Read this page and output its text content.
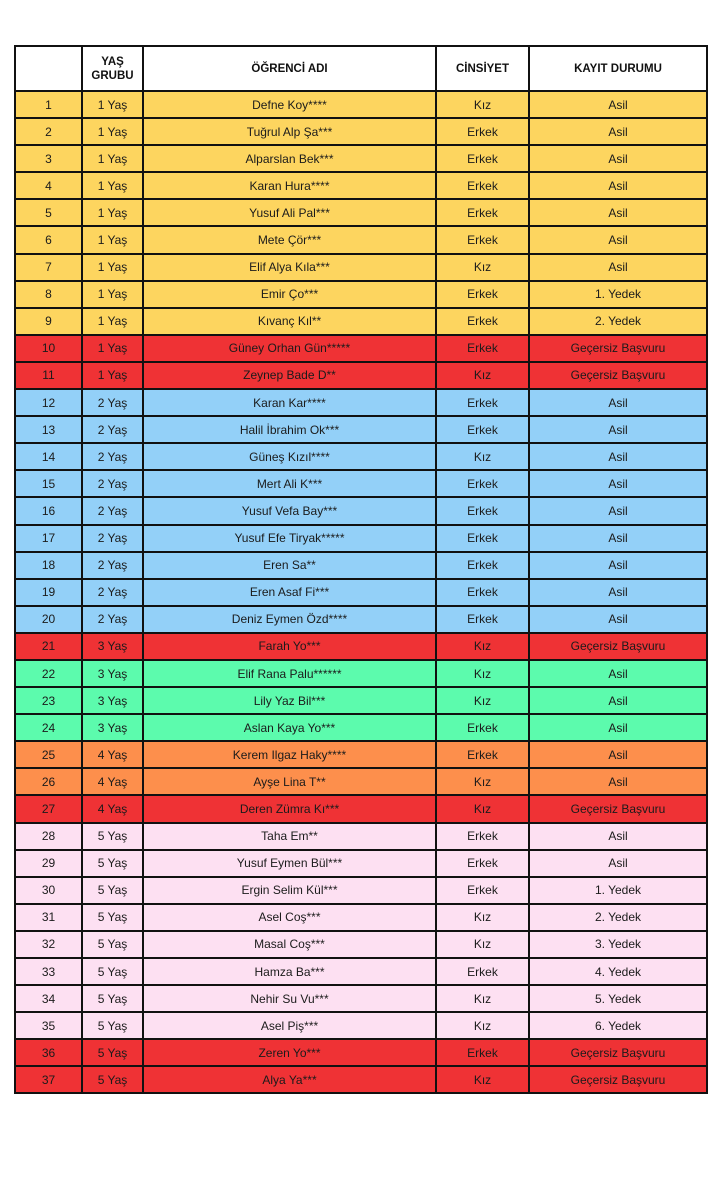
	YAŞ GRUBU	ÖĞRENCİ ADI	CİNSİYET	KAYIT DURUMU
1	1 Yaş	Defne Koy****	Kız	Asil
2	1 Yaş	Tuğrul Alp Şa***	Erkek	Asil
3	1 Yaş	Alparslan Bek***	Erkek	Asil
4	1 Yaş	Karan Hura****	Erkek	Asil
5	1 Yaş	Yusuf Ali Pal***	Erkek	Asil
6	1 Yaş	Mete Çör***	Erkek	Asil
7	1 Yaş	Elif Alya Kıla***	Kız	Asil
8	1 Yaş	Emir Ço***	Erkek	1. Yedek
9	1 Yaş	Kıvanç Kıl**	Erkek	2. Yedek
10	1 Yaş	Güney Orhan Gün*****	Erkek	Geçersiz Başvuru
11	1 Yaş	Zeynep Bade D**	Kız	Geçersiz Başvuru
12	2 Yaş	Karan Kar****	Erkek	Asil
13	2 Yaş	Halil İbrahim Ok***	Erkek	Asil
14	2 Yaş	Güneş Kızıl****	Kız	Asil
15	2 Yaş	Mert Ali K***	Erkek	Asil
16	2 Yaş	Yusuf Vefa Bay***	Erkek	Asil
17	2 Yaş	Yusuf Efe Tiryak*****	Erkek	Asil
18	2 Yaş	Eren Sa**	Erkek	Asil
19	2 Yaş	Eren Asaf Fi***	Erkek	Asil
20	2 Yaş	Deniz Eymen Özd****	Erkek	Asil
21	3 Yaş	Farah Yo***	Kız	Geçersiz Başvuru
22	3 Yaş	Elif Rana Palu******	Kız	Asil
23	3 Yaş	Lily Yaz Bil***	Kız	Asil
24	3 Yaş	Aslan Kaya Yo***	Erkek	Asil
25	4 Yaş	Kerem Ilgaz Haky****	Erkek	Asil
26	4 Yaş	Ayşe Lina T**	Kız	Asil
27	4 Yaş	Deren Zümra Kı***	Kız	Geçersiz Başvuru
28	5 Yaş	Taha Em**	Erkek	Asil
29	5 Yaş	Yusuf Eymen Bül***	Erkek	Asil
30	5 Yaş	Ergin Selim Kül***	Erkek	1. Yedek
31	5 Yaş	Asel Coş***	Kız	2. Yedek
32	5 Yaş	Masal Coş***	Kız	3. Yedek
33	5 Yaş	Hamza Ba***	Erkek	4. Yedek
34	5 Yaş	Nehir Su Vu***	Kız	5. Yedek
35	5 Yaş	Asel Piş***	Kız	6. Yedek
36	5 Yaş	Zeren Yo***	Erkek	Geçersiz Başvuru
37	5 Yaş	Alya Ya***	Kız	Geçersiz Başvuru
